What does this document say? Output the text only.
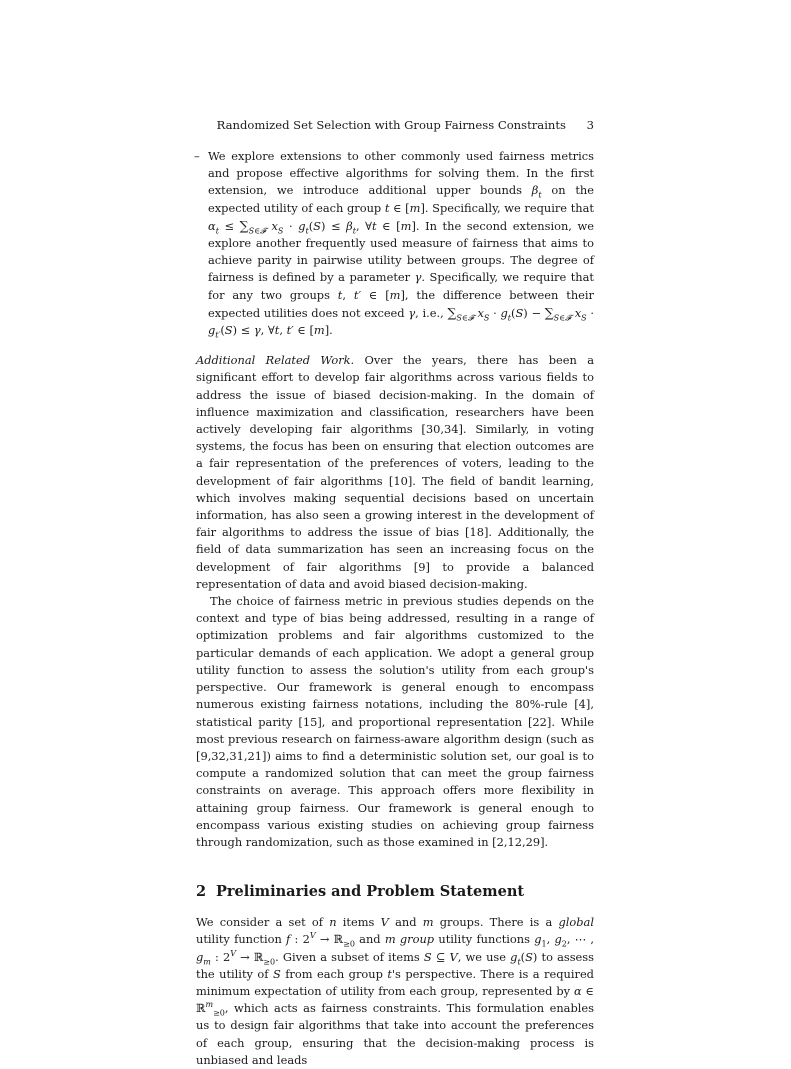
Randomized Set Selection with Group Fairness Constraints 3
– We explore extensions to other commonly used fairness metrics and propose effective algorithms for solving them. In the first extension, we introduce additional upper bounds $\beta_t$ on the expected utility of each group t ∈ [m]. Specifically, we require that $\alpha_t \le \sum_{S\in 𝓕}$ $x_S \cdot g_t(S) \le \beta_t$, ∀t ∈ [m]. In the second extension, we explore another frequently used measure of fairness that aims to achieve parity in pairwise utility between groups. The degree of fairness is defined by a parameter γ. Specifically, we require that for any two groups t, t′ ∈ [m], the difference between their expected utilities does not exceed γ, i.e., $\sum_{S\in 𝓕}$ $x_S \cdot g_t(S) - \sum_{S\in 𝓕}$ $x_S \cdot g_{t'}(S) \le \gamma$, ∀t, t′ ∈ [m].

Additional Related Work. Over the years, there has been a significant effort to develop fair algorithms across various fields to address the issue of biased decision-making. In the domain of influence maximization and classification, researchers have been actively developing fair algorithms [30,34]. Similarly, in voting systems, the focus has been on ensuring that election outcomes are a fair representation of the preferences of voters, leading to the development of fair algorithms [10]. The field of bandit learning, which involves making sequential decisions based on uncertain information, has also seen a growing interest in the development of fair algorithms to address the issue of bias [18]. Additionally, the field of data summarization has seen an increasing focus on the development of fair algorithms [9] to provide a balanced representation of data and avoid biased decision-making.

The choice of fairness metric in previous studies depends on the context and type of bias being addressed, resulting in a range of optimization problems and fair algorithms customized to the particular demands of each application. We adopt a general group utility function to assess the solution's utility from each group's perspective. Our framework is general enough to encompass numerous existing fairness notations, including the 80%-rule [4], statistical parity [15], and proportional representation [22]. While most previous research on fairness-aware algorithm design (such as [9,32,31,21]) aims to find a deterministic solution set, our goal is to compute a randomized solution that can meet the group fairness constraints on average. This approach offers more flexibility in attaining group fairness. Our framework is general enough to encompass various existing studies on achieving group fairness through randomization, such as those examined in [2,12,29].

2 Preliminaries and Problem Statement

We consider a set of n items V and m groups. There is a global utility function f : $2^V$ → ℝ$_{\ge 0}$ and m group utility functions $g_1$, $g_2$, ⋯ , $g_m$ : $2^V$ → ℝ$_{\ge 0}$. Given a subset of items S ⊆ V, we use $g_t(S)$ to assess the utility of S from each group t's perspective. There is a required minimum expectation of utility from each group, represented by α ∈ ℝ$^m_{\ge 0}$, which acts as fairness constraints. This formulation enables us to design fair algorithms that take into account the preferences of each group, ensuring that the decision-making process is unbiased and leads
